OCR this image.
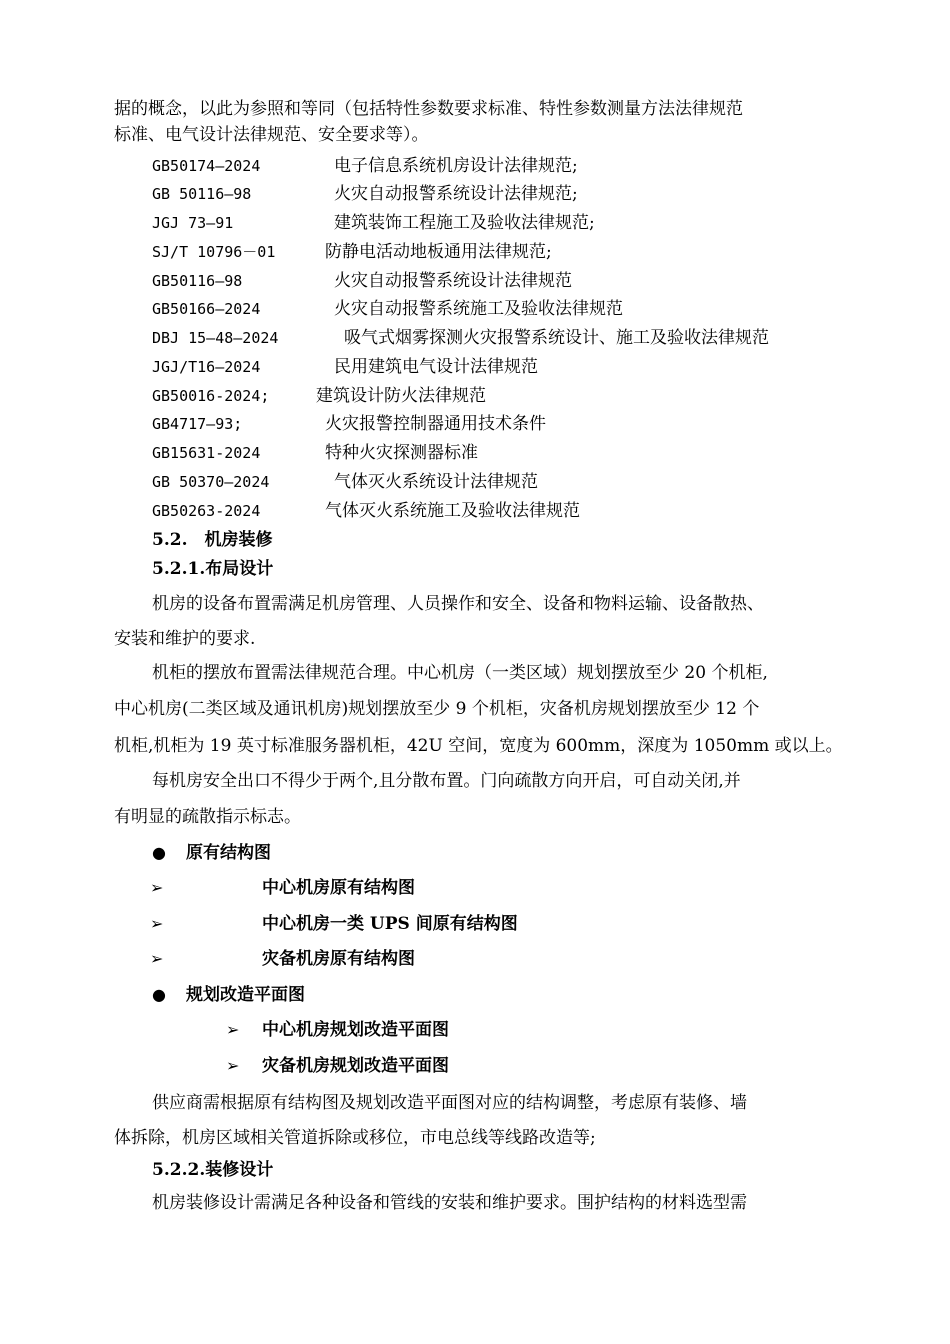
据的概念，以此为参照和等同（包括特性参数要求标准、特性参数测量方法法律规范
标准、电气设计法律规范、安全要求等）。
GB50174—2024	电子信息系统机房设计法律规范;
GB 50116—98	火灾自动报警系统设计法律规范;
JGJ 73—91	建筑装饰工程施工及验收法律规范;
SJ/T 10796－01	防静电活动地板通用法律规范;
GB50116—98	火灾自动报警系统设计法律规范
GB50166—2024	火灾自动报警系统施工及验收法律规范
DBJ 15—48—2024	吸气式烟雾探测火灾报警系统设计、施工及验收法律规范
JGJ/T16—2024	民用建筑电气设计法律规范
GB50016-2024;	建筑设计防火法律规范
GB4717—93;	火灾报警控制器通用技术条件
GB15631-2024	特种火灾探测器标准
GB 50370—2024	气体灭火系统设计法律规范
GB50263-2024	气体灭火系统施工及验收法律规范
5.2.　机房装修
5.2.1.布局设计
机房的设备布置需满足机房管理、人员操作和安全、设备和物料运输、设备散热、
安装和维护的要求.
机柜的摆放布置需法律规范合理。中心机房（一类区域）规划摆放至少 20 个机柜,
中心机房(二类区域及通讯机房)规划摆放至少 9 个机柜，灾备机房规划摆放至少 12 个
机柜,机柜为 19 英寸标准服务器机柜，42U 空间，宽度为 600mm，深度为 1050mm 或以上。
每机房安全出口不得少于两个,且分散布置。门向疏散方向开启，可自动关闭,并
有明显的疏散指示标志。
● 原有结构图
➢	中心机房原有结构图
➢	中心机房一类 UPS 间原有结构图
➢	灾备机房原有结构图
● 规划改造平面图
➢ 中心机房规划改造平面图
➢ 灾备机房规划改造平面图
供应商需根据原有结构图及规划改造平面图对应的结构调整，考虑原有装修、墙
体拆除，机房区域相关管道拆除或移位，市电总线等线路改造等;
5.2.2.装修设计
机房装修设计需满足各种设备和管线的安装和维护要求。围护结构的材料选型需
